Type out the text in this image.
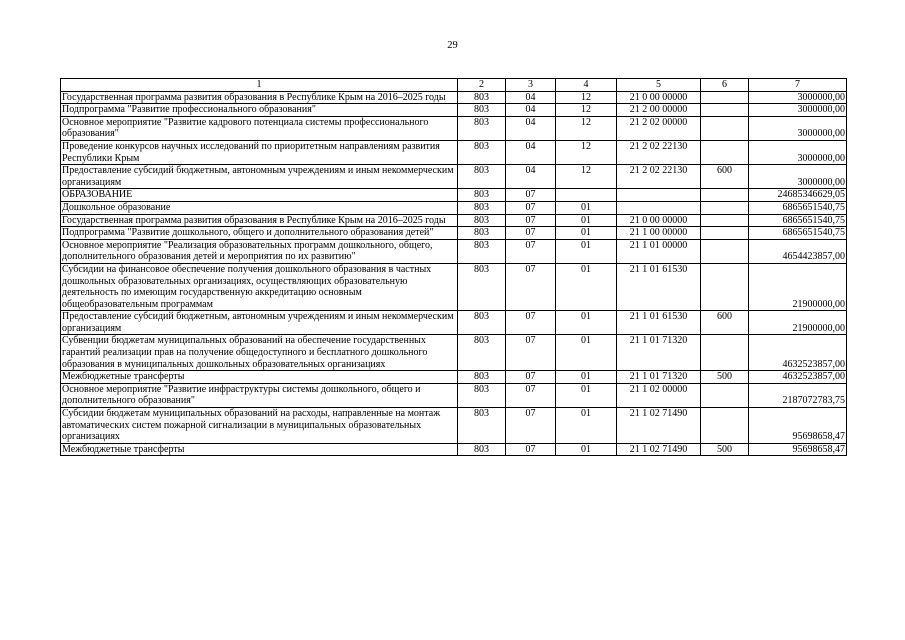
29
1	2	3	4	5	6	7
Государственная программа развития образования в Республике Крым на 2016–2025 годы	803	04	12	21 0 00 00000		3000000,00
Подпрограмма "Развитие профессионального образования"	803	04	12	21 2 00 00000		3000000,00
Основное мероприятие "Развитие кадрового потенциала системы профессионального образования"	803	04	12	21 2 02 00000		3000000,00
Проведение конкурсов научных исследований по приоритетным направлениям развития Республики Крым	803	04	12	21 2 02 22130		3000000,00
Предоставление субсидий бюджетным, автономным учреждениям и иным некоммерческим организациям	803	04	12	21 2 02 22130	600	3000000,00
ОБРАЗОВАНИЕ	803	07				24685346629,05
Дошкольное образование	803	07	01			6865651540,75
Государственная программа развития образования в Республике Крым на 2016–2025 годы	803	07	01	21 0 00 00000		6865651540,75
Подпрограмма "Развитие дошкольного, общего и дополнительного образования детей"	803	07	01	21 1 00 00000		6865651540,75
Основное мероприятие "Реализация образовательных программ дошкольного, общего, дополнительного образования детей и мероприятия по их развитию"	803	07	01	21 1 01 00000		4654423857,00
Субсидии на финансовое обеспечение получения дошкольного образования в частных дошкольных образовательных организациях, осуществляющих образовательную деятельность по имеющим государственную аккредитацию основным общеобразовательным программам	803	07	01	21 1 01 61530		21900000,00
Предоставление субсидий бюджетным, автономным учреждениям и иным некоммерческим организациям	803	07	01	21 1 01 61530	600	21900000,00
Субвенции бюджетам муниципальных образований на обеспечение государственных гарантий реализации прав на получение общедоступного и бесплатного дошкольного образования в муниципальных дошкольных образовательных организациях	803	07	01	21 1 01 71320		4632523857,00
Межбюджетные трансферты	803	07	01	21 1 01 71320	500	4632523857,00
Основное мероприятие "Развитие инфраструктуры системы дошкольного, общего и дополнительного образования"	803	07	01	21 1 02 00000		2187072783,75
Субсидии бюджетам муниципальных образований на расходы, направленные на монтаж автоматических систем пожарной сигнализации в муниципальных образовательных организациях	803	07	01	21 1 02 71490		95698658,47
Межбюджетные трансферты	803	07	01	21 1 02 71490	500	95698658,47
